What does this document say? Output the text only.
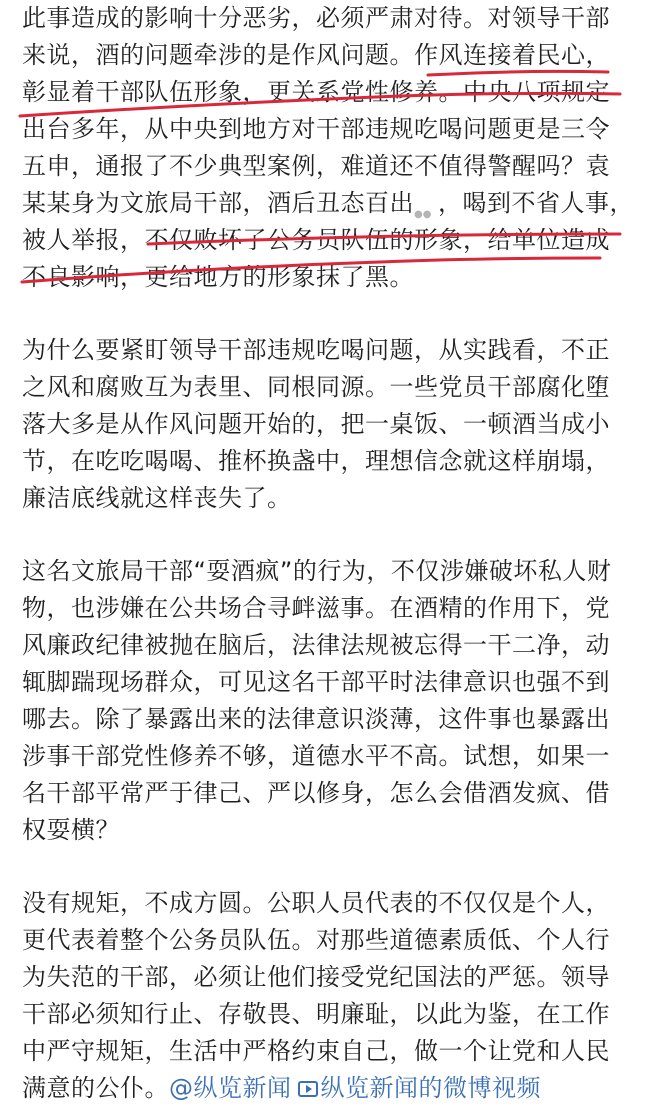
此事造成的影响十分恶劣，必须严肃对待。对领导干部
来说，酒的问题牵涉的是作风问题。作风连接着民心，
彰显着干部队伍形象，更关系党性修养。中央八项规定
出台多年，从中央到地方对干部违规吃喝问题更是三令
五申，通报了不少典型案例，难道还不值得警醒吗？袁
某某身为文旅局干部，酒后丑态百出●● ，喝到不省人事，
被人举报，不仅败坏了公务员队伍的形象，给单位造成
不良影响，更给地方的形象抹了黑。
为什么要紧盯领导干部违规吃喝问题，从实践看，不正
之风和腐败互为表里、同根同源。一些党员干部腐化堕
落大多是从作风问题开始的，把一桌饭、一顿酒当成小
节，在吃吃喝喝、推杯换盏中，理想信念就这样崩塌，
廉洁底线就这样丧失了。
这名文旅局干部“耍酒疯”的行为，不仅涉嫌破坏私人财
物，也涉嫌在公共场合寻衅滋事。在酒精的作用下，党
风廉政纪律被抛在脑后，法律法规被忘得一干二净，动
辄脚踹现场群众，可见这名干部平时法律意识也强不到
哪去。除了暴露出来的法律意识淡薄，这件事也暴露出
涉事干部党性修养不够，道德水平不高。试想，如果一
名干部平常严于律己、严以修身，怎么会借酒发疯、借
权耍横？
没有规矩，不成方圆。公职人员代表的不仅仅是个人，
更代表着整个公务员队伍。对那些道德素质低、个人行
为失范的干部，必须让他们接受党纪国法的严惩。领导
干部必须知行止、存敬畏、明廉耻，以此为鉴，在工作
中严守规矩，生活中严格约束自己，做一个让党和人民
满意的公仆。@纵览新闻 纵览新闻的微博视频
